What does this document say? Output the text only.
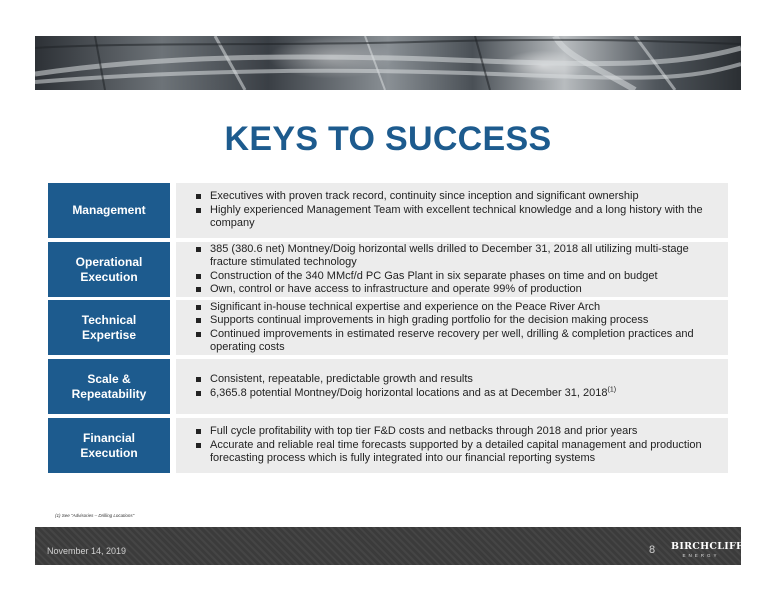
KEYS TO SUCCESS
Management
Executives with proven track record, continuity since inception and significant ownership
Highly experienced Management Team with excellent technical knowledge and a long history with the company
Operational
Execution
385 (380.6 net) Montney/Doig horizontal wells drilled to December 31, 2018 all utilizing multi-stage fracture stimulated technology
Construction of the 340 MMcf/d PC Gas Plant in six separate phases on time and on budget
Own, control or have access to infrastructure and operate 99% of production
Technical
Expertise
Significant in-house technical expertise and experience on the Peace River Arch
Supports continual improvements in high grading portfolio for the decision making process
Continued improvements in estimated reserve recovery per well, drilling & completion practices and operating costs
Scale &
Repeatability
Consistent, repeatable, predictable growth and results
6,365.8 potential Montney/Doig horizontal locations and as at December 31, 2018$^{(1)}$
Financial
Execution
Full cycle profitability with top tier F&D costs and netbacks through 2018 and prior years
Accurate and reliable real time forecasts supported by a detailed capital management and production forecasting process which is fully integrated into our financial reporting systems
(1) See "Advisories – Drilling Locations"
November 14, 2019	8 BIRCHCLIFF
ENERGY
